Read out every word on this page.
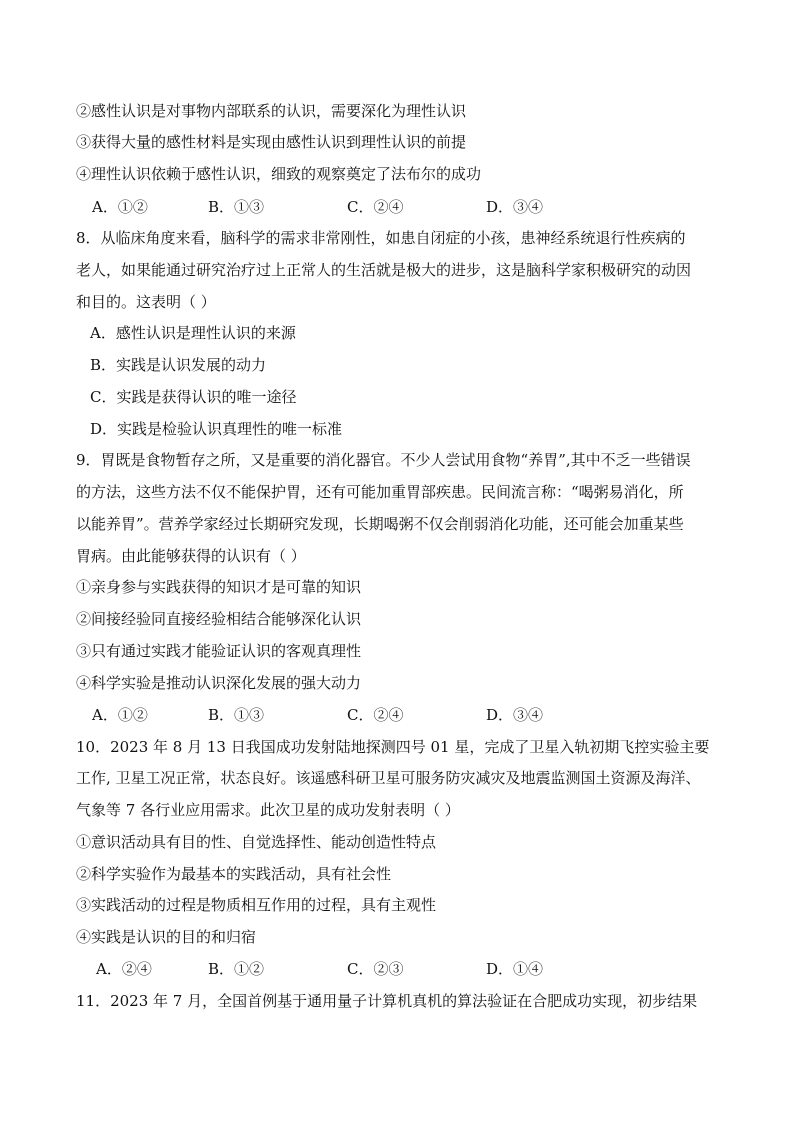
②感性认识是对事物内部联系的认识，需要深化为理性认识
③获得大量的感性材料是实现由感性认识到理性认识的前提
④理性认识依赖于感性认识，细致的观察奠定了法布尔的成功
A．①②	B．①③	C．②④	D．③④
8．从临床角度来看，脑科学的需求非常刚性，如患自闭症的小孩，患神经系统退行性疾病的
老人，如果能通过研究治疗过上正常人的生活就是极大的进步，这是脑科学家积极研究的动因
和目的。这表明（ ）
A．感性认识是理性认识的来源
B．实践是认识发展的动力
C．实践是获得认识的唯一途径
D．实践是检验认识真理性的唯一标准
9．胃既是食物暂存之所，又是重要的消化器官。不少人尝试用食物“养胃”,其中不乏一些错误
的方法，这些方法不仅不能保护胃，还有可能加重胃部疾患。民间流言称：“喝粥易消化，所
以能养胃”。营养学家经过长期研究发现，长期喝粥不仅会削弱消化功能，还可能会加重某些
胃病。由此能够获得的认识有（ ）
①亲身参与实践获得的知识才是可靠的知识
②间接经验同直接经验相结合能够深化认识
③只有通过实践才能验证认识的客观真理性
④科学实验是推动认识深化发展的强大动力
A．①②	B．①③	C．②④	D．③④
10．2023 年 8 月 13 日我国成功发射陆地探测四号 01 星，完成了卫星入轨初期飞控实验主要
工作, 卫星工况正常，状态良好。该遥感科研卫星可服务防灾减灾及地震监测国土资源及海洋、
气象等 7 各行业应用需求。此次卫星的成功发射表明（ ）
①意识活动具有目的性、自觉选择性、能动创造性特点
②科学实验作为最基本的实践活动，具有社会性
③实践活动的过程是物质相互作用的过程，具有主观性
④实践是认识的目的和归宿
A．②④	B．①②	C．②③	D．①④
11．2023 年 7 月，全国首例基于通用量子计算机真机的算法验证在合肥成功实现，初步结果
